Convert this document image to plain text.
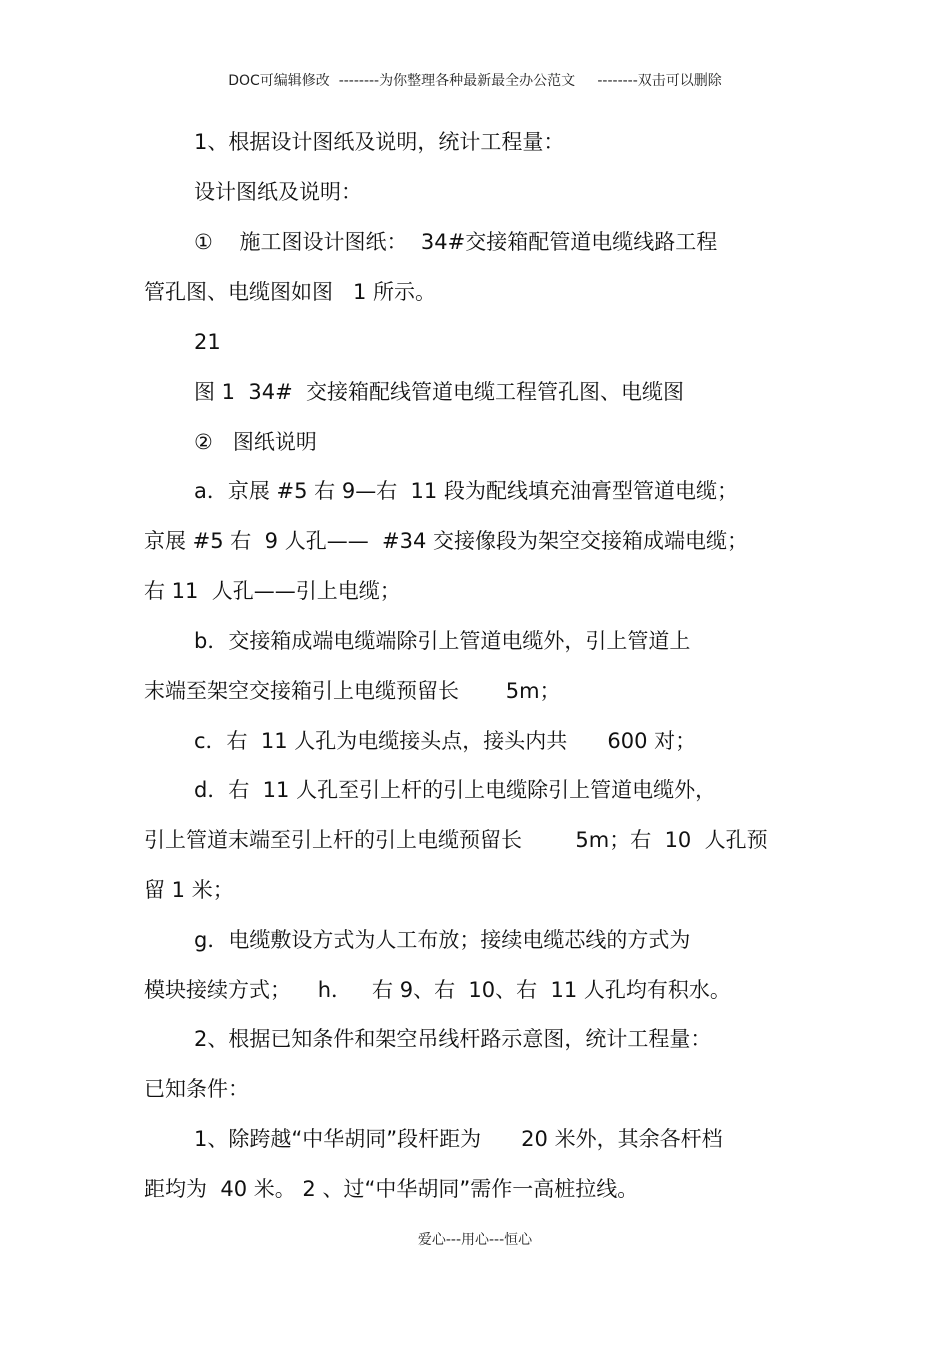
DOC可编辑修改  --------为你整理各种最新最全办公范文     --------双击可以删除
1、根据设计图纸及说明，统计工程量：
设计图纸及说明：
①    施工图设计图纸：  34#交接箱配管道电缆线路工程
管孔图、电缆图如图   1 所示。
21
图 1  34#  交接箱配线管道电缆工程管孔图、电缆图
②   图纸说明
a．京展 #5 右 9—右  11 段为配线填充油膏型管道电缆；
京展 #5 右  9 人孔——  #34 交接像段为架空交接箱成端电缆；
右 11  人孔——引上电缆；
b．交接箱成端电缆端除引上管道电缆外，引上管道上
末端至架空交接箱引上电缆预留长       5m；
c．右  11 人孔为电缆接头点，接头内共      600 对；
d．右  11 人孔至引上杆的引上电缆除引上管道电缆外，
引上管道末端至引上杆的引上电缆预留长        5m；右  10  人孔预
留 1 米；
g．电缆敷设方式为人工布放；接续电缆芯线的方式为
模块接续方式；    h．   右 9、右  10、右  11 人孔均有积水。
2、根据已知条件和架空吊线杆路示意图，统计工程量：
已知条件：
1、除跨越“中华胡同”段杆距为      20 米外，其余各杆档
距均为  40 米。 2 、过“中华胡同”需作一高桩拉线。
爱心---用心---恒心
